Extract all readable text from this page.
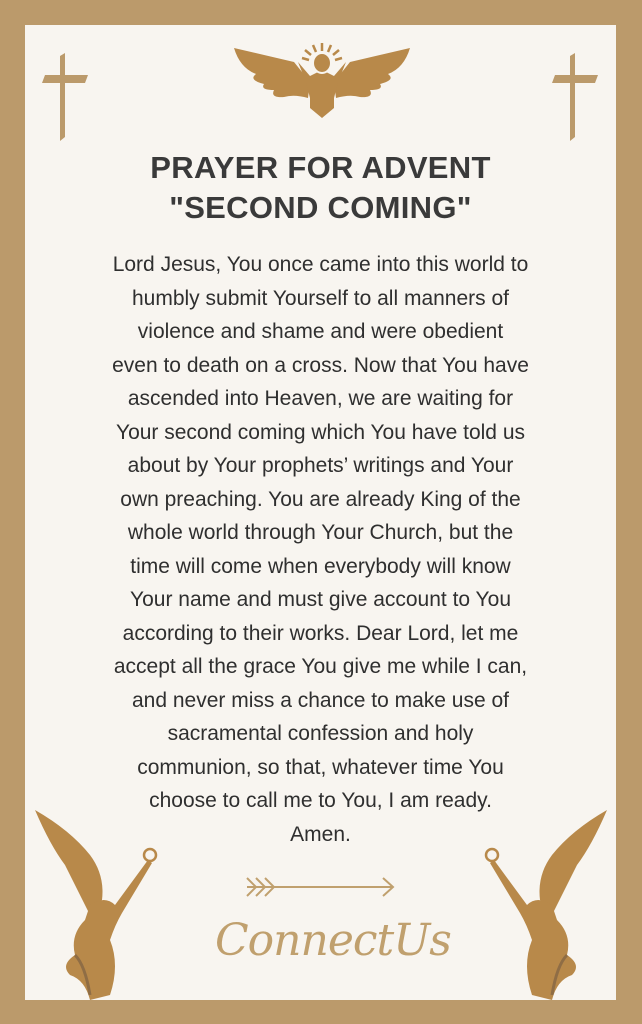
PRAYER FOR ADVENT
"SECOND COMING"
Lord Jesus, You once came into this world to
humbly submit Yourself to all manners of
violence and shame and were obedient
even to death on a cross. Now that You have
ascended into Heaven, we are waiting for
Your second coming which You have told us
about by Your prophets’ writings and Your
own preaching. You are already King of the
whole world through Your Church, but the
time will come when everybody will know
Your name and must give account to You
according to their works. Dear Lord, let me
accept all the grace You give me while I can,
and never miss a chance to make use of
sacramental confession and holy
communion, so that, whatever time You
choose to call me to You, I am ready.
Amen.
ConnectUs
